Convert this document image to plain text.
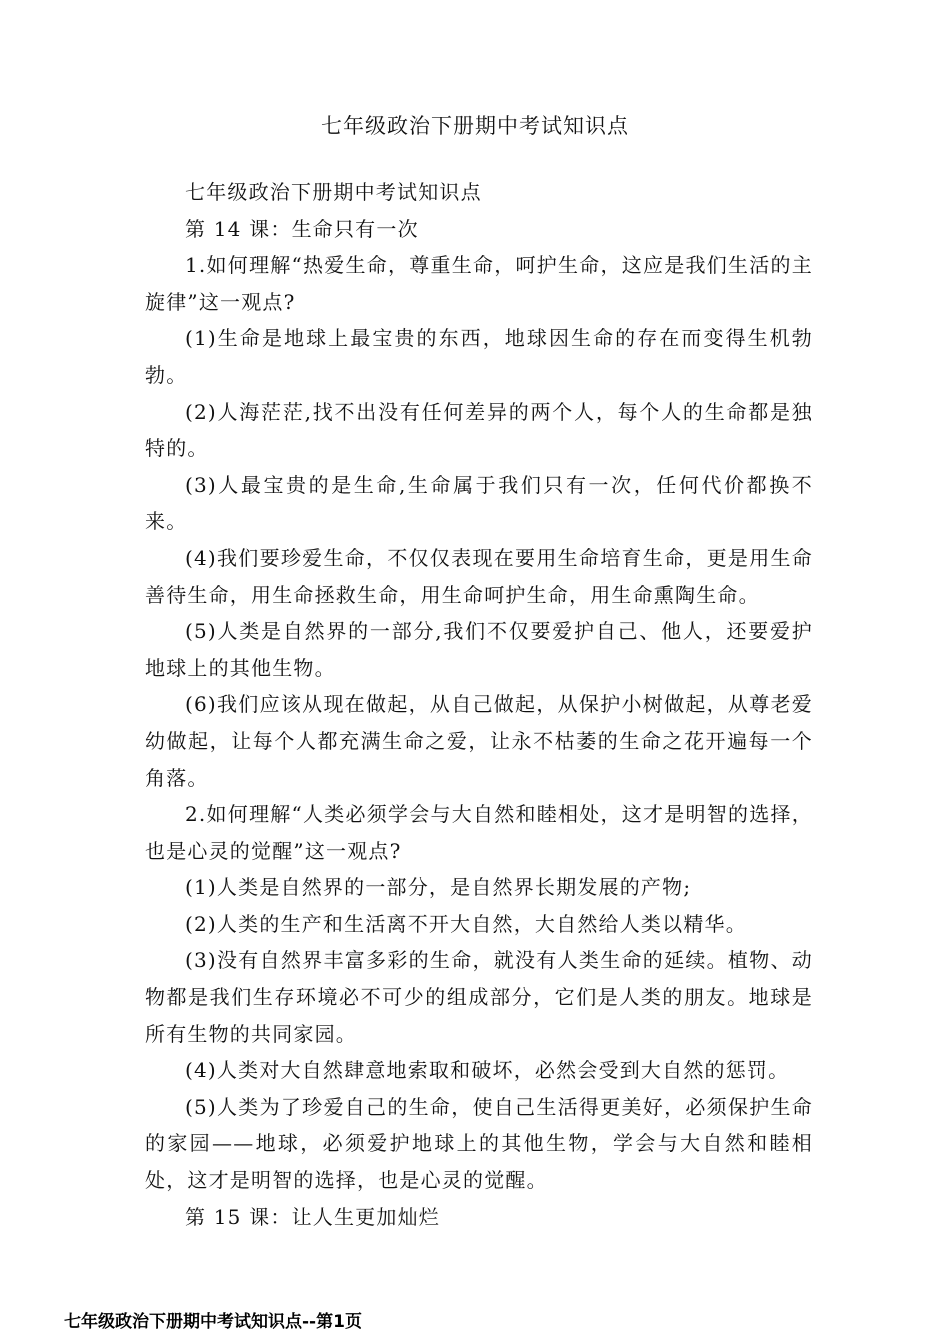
七年级政治下册期中考试知识点

七年级政治下册期中考试知识点

第 14 课：生命只有一次

1.如何理解“热爱生命，尊重生命，呵护生命，这应是我们生活的主旋律”这一观点?

(1)生命是地球上最宝贵的东西，地球因生命的存在而变得生机勃勃。

(2)人海茫茫,找不出没有任何差异的两个人，每个人的生命都是独特的。

(3)人最宝贵的是生命,生命属于我们只有一次，任何代价都换不来。

(4)我们要珍爱生命，不仅仅表现在要用生命培育生命，更是用生命善待生命，用生命拯救生命，用生命呵护生命，用生命熏陶生命。

(5)人类是自然界的一部分,我们不仅要爱护自己、他人，还要爱护地球上的其他生物。

(6)我们应该从现在做起，从自己做起，从保护小树做起，从尊老爱幼做起，让每个人都充满生命之爱，让永不枯萎的生命之花开遍每一个角落。

2.如何理解“人类必须学会与大自然和睦相处，这才是明智的选择，也是心灵的觉醒”这一观点?

(1)人类是自然界的一部分，是自然界长期发展的产物;

(2)人类的生产和生活离不开大自然，大自然给人类以精华。

(3)没有自然界丰富多彩的生命，就没有人类生命的延续。植物、动物都是我们生存环境必不可少的组成部分，它们是人类的朋友。地球是所有生物的共同家园。

(4)人类对大自然肆意地索取和破坏，必然会受到大自然的惩罚。

(5)人类为了珍爱自己的生命，使自己生活得更美好，必须保护生命的家园——地球，必须爱护地球上的其他生物，学会与大自然和睦相处，这才是明智的选择，也是心灵的觉醒。

第 15 课：让人生更加灿烂

七年级政治下册期中考试知识点--第1页
